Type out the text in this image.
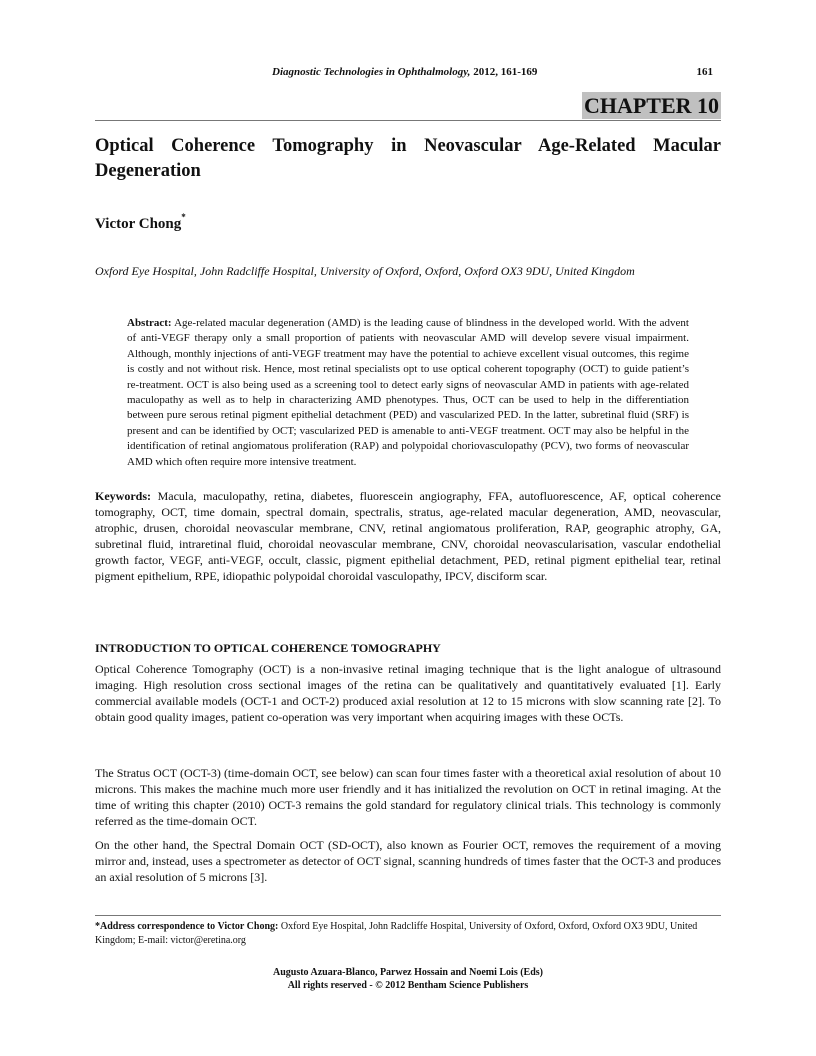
Diagnostic Technologies in Ophthalmology, 2012, 161-169	161
CHAPTER 10
Optical Coherence Tomography in Neovascular Age-Related Macular
Degeneration
Victor Chong*
Oxford Eye Hospital, John Radcliffe Hospital, University of Oxford, Oxford, Oxford OX3 9DU, United Kingdom
Abstract: Age-related macular degeneration (AMD) is the leading cause of blindness in the developed world. With the advent of anti-VEGF therapy only a small proportion of patients with neovascular AMD will develop severe visual impairment. Although, monthly injections of anti-VEGF treatment may have the potential to achieve excellent visual outcomes, this regime is costly and not without risk. Hence, most retinal specialists opt to use optical coherent topography (OCT) to guide patient’s re-treatment. OCT is also being used as a screening tool to detect early signs of neovascular AMD in patients with age-related maculopathy as well as to help in characterizing AMD phenotypes. Thus, OCT can be used to help in the differentiation between pure serous retinal pigment epithelial detachment (PED) and vascularized PED. In the latter, subretinal fluid (SRF) is present and can be identified by OCT; vascularized PED is amenable to anti-VEGF treatment. OCT may also be helpful in the identification of retinal angiomatous proliferation (RAP) and polypoidal choriovasculopathy (PCV), two forms of neovascular AMD which often require more intensive treatment.
Keywords: Macula, maculopathy, retina, diabetes, fluorescein angiography, FFA, autofluorescence, AF, optical coherence tomography, OCT, time domain, spectral domain, spectralis, stratus, age-related macular degeneration, AMD, neovascular, atrophic, drusen, choroidal neovascular membrane, CNV, retinal angiomatous proliferation, RAP, geographic atrophy, GA, subretinal fluid, intraretinal fluid, choroidal neovascular membrane, CNV, choroidal neovascularisation, vascular endothelial growth factor, VEGF, anti-VEGF, occult, classic, pigment epithelial detachment, PED, retinal pigment epithelial tear, retinal pigment epithelium, RPE, idiopathic polypoidal choroidal vasculopathy, IPCV, disciform scar.
INTRODUCTION TO OPTICAL COHERENCE TOMOGRAPHY
Optical Coherence Tomography (OCT) is a non-invasive retinal imaging technique that is the light analogue of ultrasound imaging. High resolution cross sectional images of the retina can be qualitatively and quantitatively evaluated [1]. Early commercial available models (OCT-1 and OCT-2) produced axial resolution at 12 to 15 microns with slow scanning rate [2]. To obtain good quality images, patient co-operation was very important when acquiring images with these OCTs.
The Stratus OCT (OCT-3) (time-domain OCT, see below) can scan four times faster with a theoretical axial resolution of about 10 microns. This makes the machine much more user friendly and it has initialized the revolution on OCT in retinal imaging. At the time of writing this chapter (2010) OCT-3 remains the gold standard for regulatory clinical trials. This technology is commonly referred as the time-domain OCT.
On the other hand, the Spectral Domain OCT (SD-OCT), also known as Fourier OCT, removes the requirement of a moving mirror and, instead, uses a spectrometer as detector of OCT signal, scanning hundreds of times faster that the OCT-3 and produces an axial resolution of 5 microns [3].
*Address correspondence to Victor Chong: Oxford Eye Hospital, John Radcliffe Hospital, University of Oxford, Oxford, Oxford OX3 9DU, United Kingdom; E-mail: victor@eretina.org
Augusto Azuara-Blanco, Parwez Hossain and Noemi Lois (Eds)
All rights reserved - © 2012 Bentham Science Publishers
